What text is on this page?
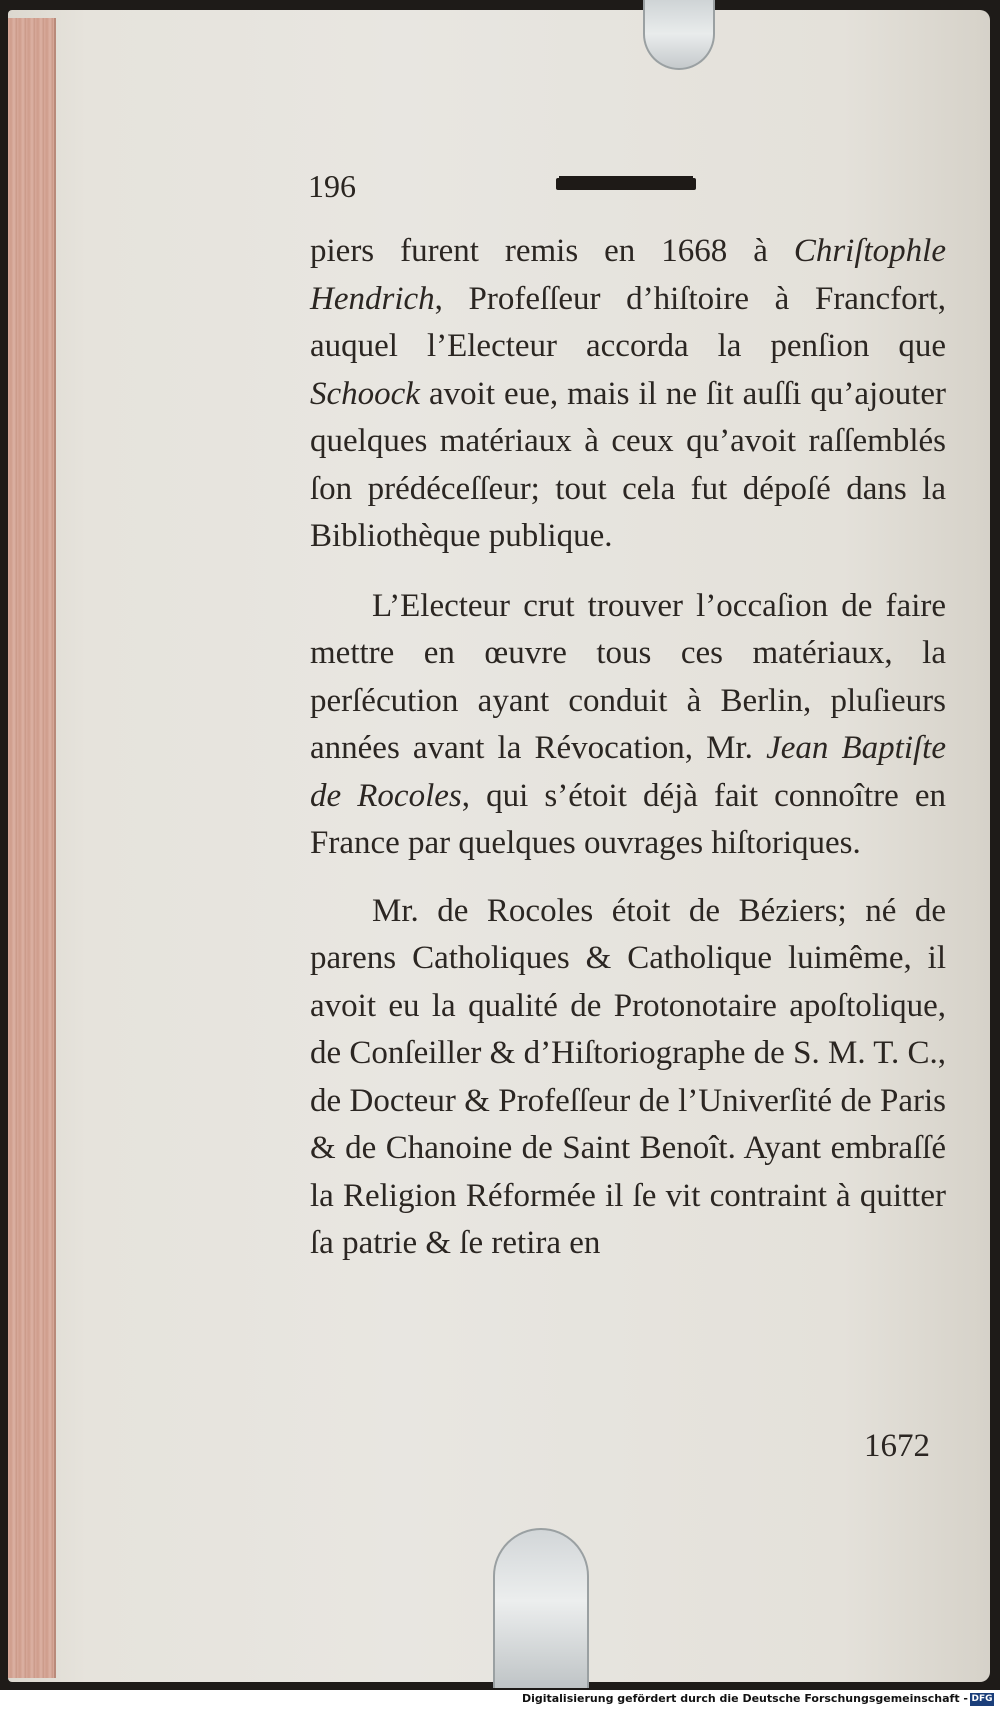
196

piers furent remis en 1668 à Chriſtophle Hendrich, Profeſſeur d’hiſtoire à Francfort, auquel l’Electeur accorda la penſion que Schoock avoit eue, mais il ne ſit auſſi qu’ajouter quelques matériaux à ceux qu’avoit raſſemblés ſon prédéceſſeur; tout cela fut dépoſé dans la Bibliothèque publique.

L’Electeur crut trouver l’occaſion de faire mettre en œuvre tous ces matériaux, la perſécution ayant conduit à Berlin, pluſieurs années avant la Révocation, Mr. Jean Baptiſte de Rocoles, qui s’étoit déjà fait connoître en France par quelques ouvrages hiſtoriques.

Mr. de Rocoles étoit de Béziers; né de parens Catholiques & Catholique luimême, il avoit eu la qualité de Protonotaire apoſtolique, de Conſeiller & d’Hiſtoriographe de S. M. T. C., de Docteur & Profeſſeur de l’Univerſité de Paris & de Chanoine de Saint Benoît. Ayant embraſſé la Religion Réformée il ſe vit contraint à quitter ſa patrie & ſe retira en

1672
Digitalisierung gefördert durch die Deutsche Forschungsgemeinschaft - DFG
